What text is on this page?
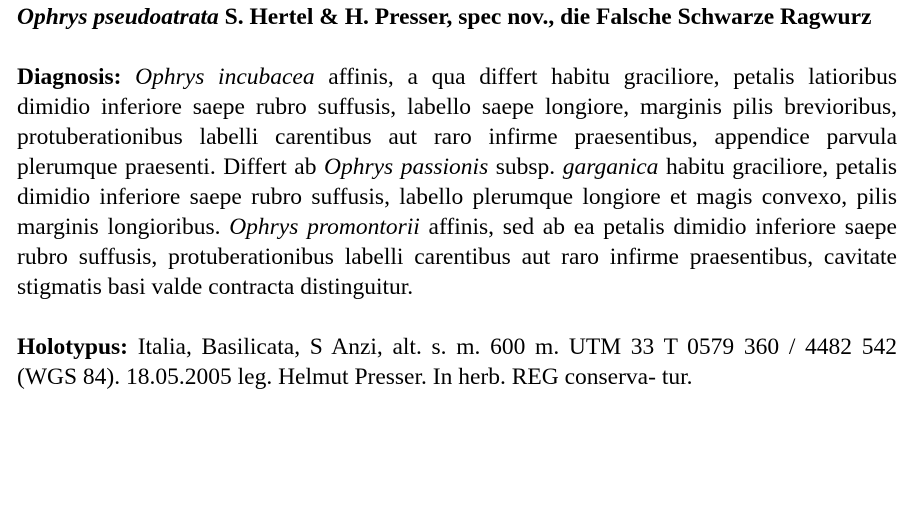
Ophrys pseudoatrata S. Hertel & H. Presser, spec nov., die Falsche Schwarze Ragwurz

Diagnosis: Ophrys incubacea affinis, a qua differt habitu graciliore, petalis latioribus dimidio inferiore saepe rubro suffusis, labello saepe longiore, marginis pilis brevioribus, protuberationibus labelli carentibus aut raro infirme praesentibus, appendice parvula plerumque praesenti. Differt ab Ophrys passionis subsp. garganica habitu graciliore, petalis dimidio inferiore saepe rubro suffusis, labello plerumque longiore et magis convexo, pilis marginis longioribus. Ophrys promontorii affinis, sed ab ea petalis dimidio inferiore saepe rubro suffusis, protuberationibus labelli carentibus aut raro infirme praesentibus, cavitate stigmatis basi valde contracta distinguitur.

Holotypus: Italia, Basilicata, S Anzi, alt. s. m. 600 m. UTM 33 T 0579 360 / 4482 542 (WGS 84). 18.05.2005 leg. Helmut Presser. In herb. REG conserva- tur.
